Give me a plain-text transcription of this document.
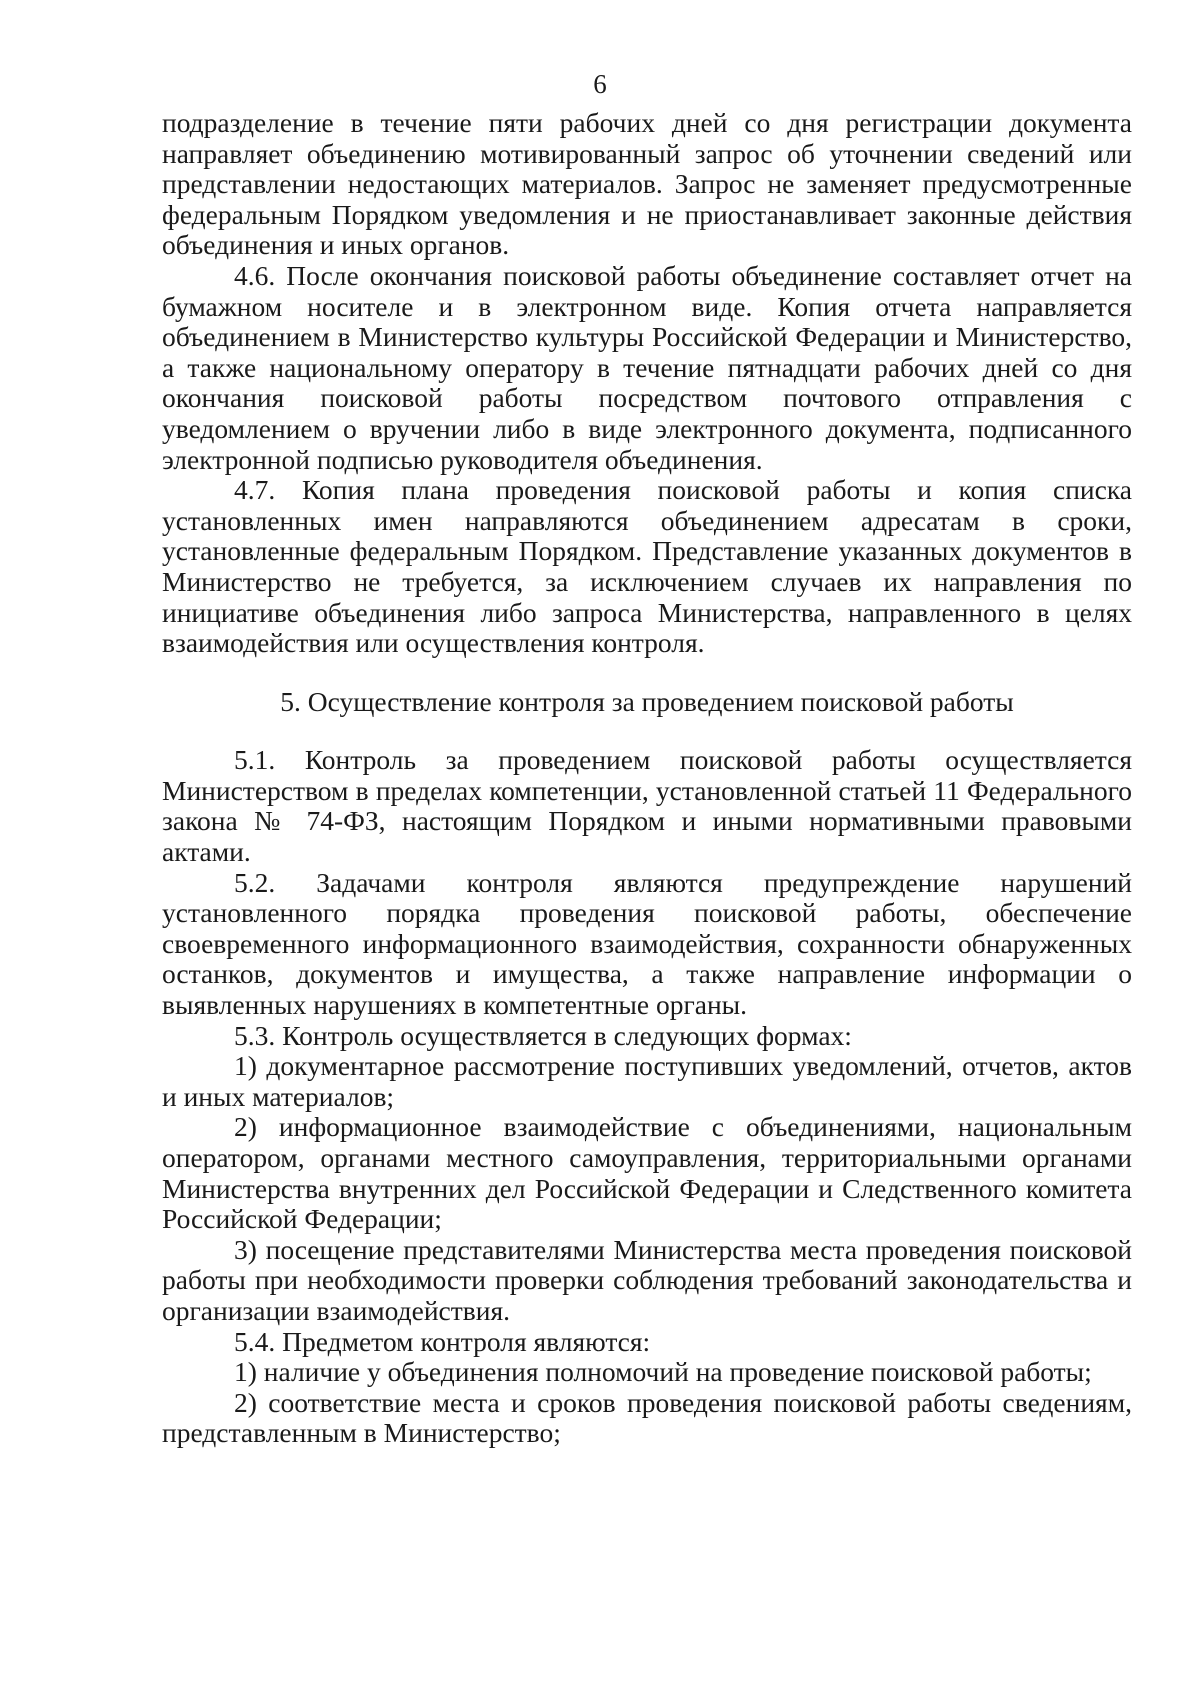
6

подразделение в течение пяти рабочих дней со дня регистрации документа направляет объединению мотивированный запрос об уточнении сведений или представлении недостающих материалов. Запрос не заменяет предусмотренные федеральным Порядком уведомления и не приостанавливает законные действия объединения и иных органов.

4.6. После окончания поисковой работы объединение составляет отчет на бумажном носителе и в электронном виде. Копия отчета направляется объединением в Министерство культуры Российской Федерации и Министерство, а также национальному оператору в течение пятнадцати рабочих дней со дня окончания поисковой работы посредством почтового отправления с уведомлением о вручении либо в виде электронного документа, подписанного электронной подписью руководителя объединения.

4.7. Копия плана проведения поисковой работы и копия списка установленных имен направляются объединением адресатам в сроки, установленные федеральным Порядком. Представление указанных документов в Министерство не требуется, за исключением случаев их направления по инициативе объединения либо запроса Министерства, направленного в целях взаимодействия или осуществления контроля.

5. Осуществление контроля за проведением поисковой работы

5.1. Контроль за проведением поисковой работы осуществляется Министерством в пределах компетенции, установленной статьей 11 Федерального закона № 74-ФЗ, настоящим Порядком и иными нормативными правовыми актами.

5.2. Задачами контроля являются предупреждение нарушений установленного порядка проведения поисковой работы, обеспечение своевременного информационного взаимодействия, сохранности обнаруженных останков, документов и имущества, а также направление информации о выявленных нарушениях в компетентные органы.

5.3. Контроль осуществляется в следующих формах:

1) документарное рассмотрение поступивших уведомлений, отчетов, актов и иных материалов;

2) информационное взаимодействие с объединениями, национальным оператором, органами местного самоуправления, территориальными органами Министерства внутренних дел Российской Федерации и Следственного комитета Российской Федерации;

3) посещение представителями Министерства места проведения поисковой работы при необходимости проверки соблюдения требований законодательства и организации взаимодействия.

5.4. Предметом контроля являются:

1) наличие у объединения полномочий на проведение поисковой работы;

2) соответствие места и сроков проведения поисковой работы сведениям, представленным в Министерство;
